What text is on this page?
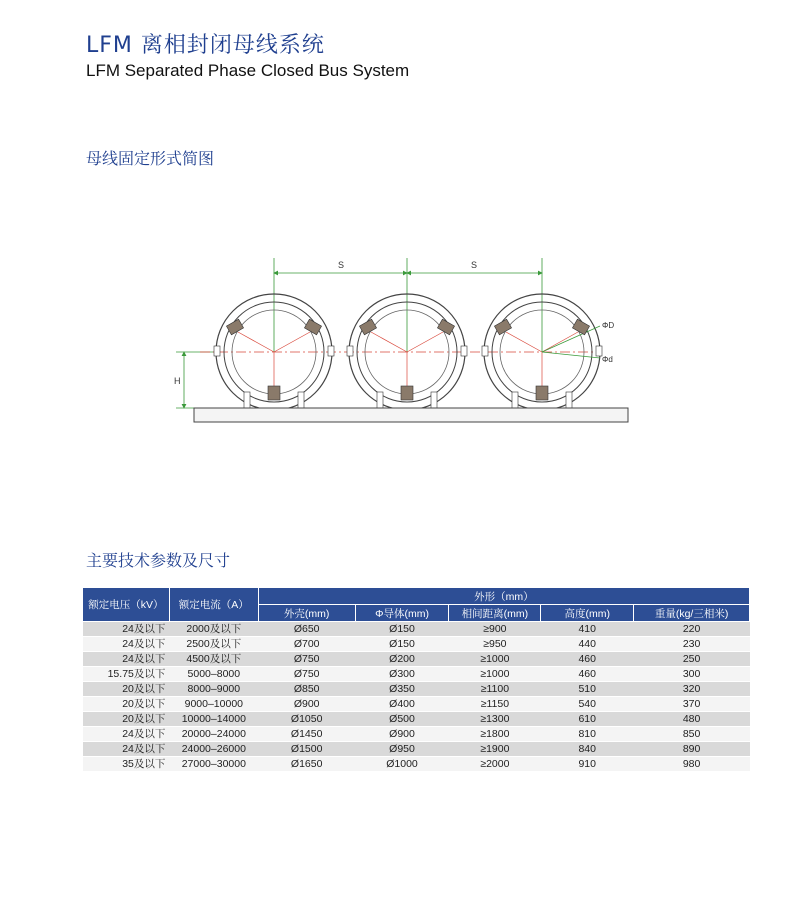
LFM 离相封闭母线系统
LFM Separated Phase Closed Bus System
母线固定形式简图
S	S
H
ΦD
Φd
主要技术参数及尺寸
额定电压（kV）	额定电流（A）	外形（mm）				
		外壳(mm)	Φ导体(mm)	相间距离(mm)	高度(mm)	重量(kg/三相米)
24及以下	2000及以下	Ø650	Ø150	≥900	410	220
24及以下	2500及以下	Ø700	Ø150	≥950	440	230
24及以下	4500及以下	Ø750	Ø200	≥1000	460	250
15.75及以下	5000–8000	Ø750	Ø300	≥1000	460	300
20及以下	8000–9000	Ø850	Ø350	≥1100	510	320
20及以下	9000–10000	Ø900	Ø400	≥1150	540	370
20及以下	10000–14000	Ø1050	Ø500	≥1300	610	480
24及以下	20000–24000	Ø1450	Ø900	≥1800	810	850
24及以下	24000–26000	Ø1500	Ø950	≥1900	840	890
35及以下	27000–30000	Ø1650	Ø1000	≥2000	910	980
